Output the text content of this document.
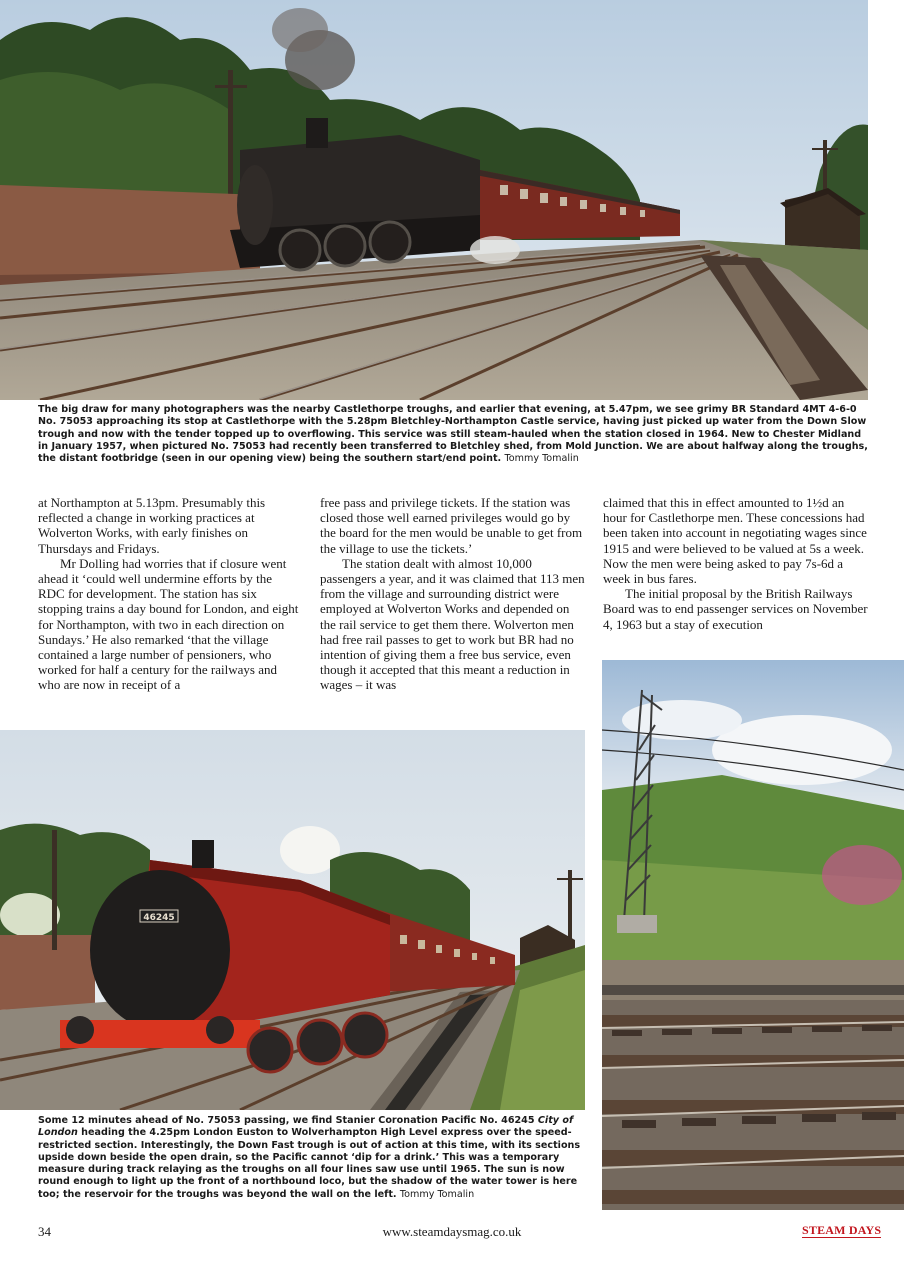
The big draw for many photographers was the nearby Castlethorpe troughs, and earlier that evening, at 5.47pm, we see grimy BR Standard 4MT 4-6-0 No. 75053 approaching its stop at Castlethorpe with the 5.28pm Bletchley-Northampton Castle service, having just picked up water from the Down Slow trough and now with the tender topped up to overflowing. This service was still steam-hauled when the station closed in 1964. New to Chester Midland in January 1957, when pictured No. 75053 had recently been transferred to Bletchley shed, from Mold Junction. We are about halfway along the troughs, the distant footbridge (seen in our opening view) being the southern start/end point. Tommy Tomalin

at Northampton at 5.13pm. Presumably this reflected a change in working practices at Wolverton Works, with early finishes on Thursdays and Fridays.

Mr Dolling had worries that if closure went ahead it ‘could well undermine efforts by the RDC for development. The station has six stopping trains a day bound for London, and eight for Northampton, with two in each direction on Sundays.’ He also remarked ‘that the village contained a large number of pensioners, who worked for half a century for the railways and who are now in receipt of a

free pass and privilege tickets. If the station was closed those well earned privileges would go by the board for the men would be unable to get from the village to use the tickets.’

The station dealt with almost 10,000 passengers a year, and it was claimed that 113 men from the village and surrounding district were employed at Wolverton Works and depended on the rail service to get them there. Wolverton men had free rail passes to get to work but BR had no intention of giving them a free bus service, even though it accepted that this meant a reduction in wages – it was

claimed that this in effect amounted to 1½d an hour for Castlethorpe men. These concessions had been taken into account in negotiating wages since 1915 and were believed to be valued at 5s a week. Now the men were being asked to pay 7s-6d a week in bus fares.

The initial proposal by the British Railways Board was to end passenger services on November 4, 1963 but a stay of execution

46245

Some 12 minutes ahead of No. 75053 passing, we find Stanier Coronation Pacific No. 46245 City of London heading the 4.25pm London Euston to Wolverhampton High Level express over the speed-restricted section. Interestingly, the Down Fast trough is out of action at this time, with its sections upside down beside the open drain, so the Pacific cannot ‘dip for a drink.’ This was a temporary measure during track relaying as the troughs on all four lines saw use until 1965. The sun is now round enough to light up the front of a northbound loco, but the shadow of the water tower is here too; the reservoir for the troughs was beyond the wall on the left. Tommy Tomalin

34	www.steamdaysmag.co.uk	STEAM DAYS
